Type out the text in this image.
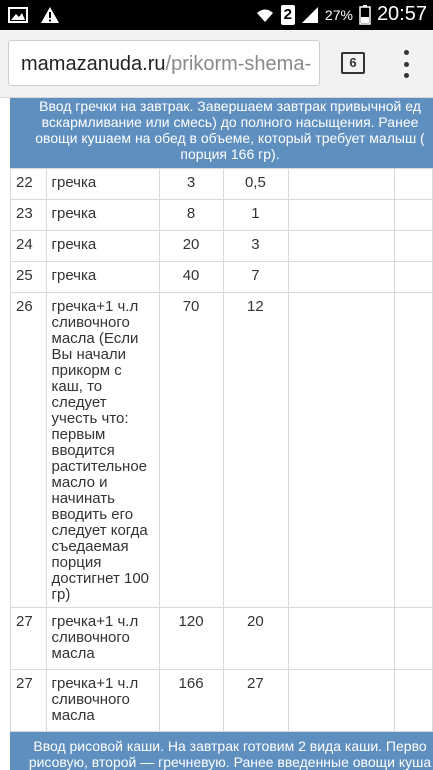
2 27% 20:57
mamazanuda.ru/prikorm-shema-	6

Ввод гречки на завтрак. Завершаем завтрак привычной ед

вскармливание или смесь) до полного насыщения. Ранее

овощи кушаем на обед в объеме, который требует малыш (

порция 166 гр).

22	гречка	3	0,5		
23	гречка	8	1		
24	гречка	20	3		
25	гречка	40	7		
26	гречка+1 ч.л сливочного масла (Если Вы начали прикорм с каш, то следует учесть что: первым вводится растительное масло и начинать вводить его следует когда съедаемая порция достигнет 100 гр)	70	12		
27	гречка+1 ч.л сливочного масла	120	20		
27	гречка+1 ч.л сливочного масла	166	27		

Ввод рисовой каши. На завтрак готовим 2 вида каши. Перво

рисовую, второй — гречневую. Ранее введенные овощи куша
